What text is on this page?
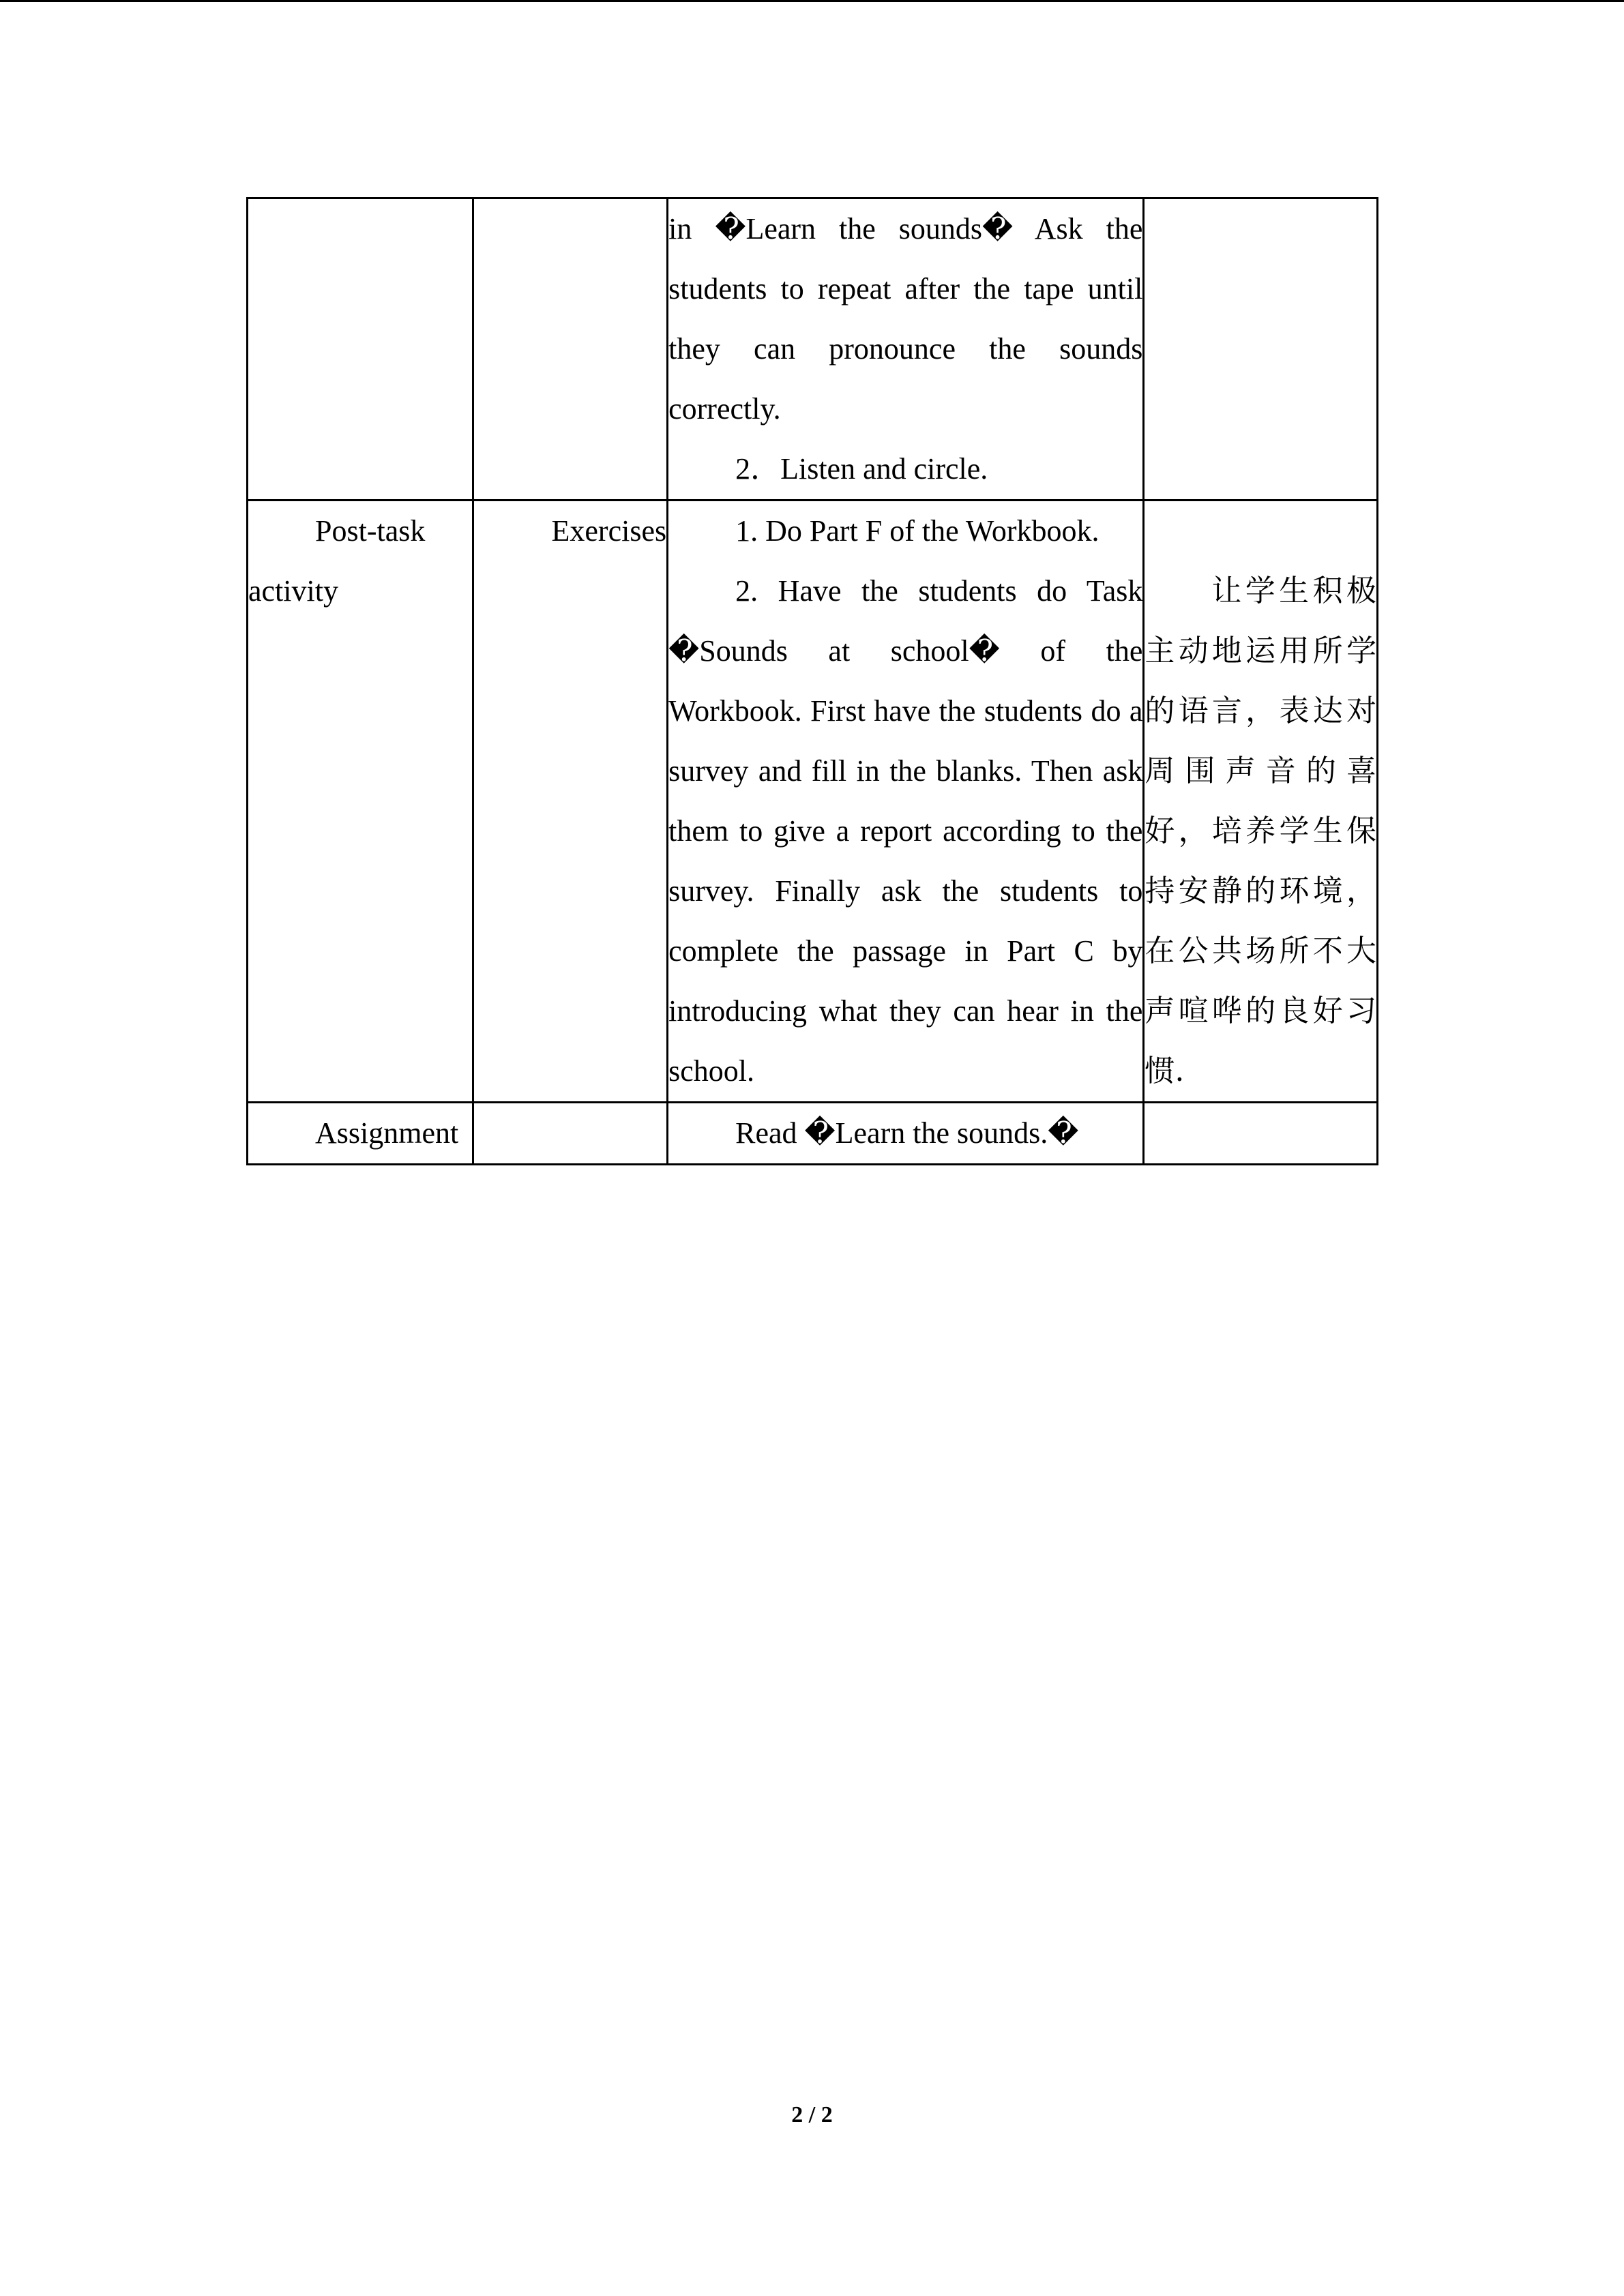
		in �Learn the sounds� Ask the students to repeat after the tape until they can pronounce the sounds correctly.
2．Listen and circle.	

Post-task activity	Exercises	1. Do Part F of the Workbook.
2. Have the students do Task �Sounds at school� of the Workbook. First have the students do a survey and fill in the blanks. Then ask them to give a report according to the survey. Finally ask the students to complete the passage in Part C by introducing what they can hear in the school.	让学生积极主动地运用所学的语言，表达对周围声音的喜好，培养学生保持安静的环境，在公共场所不大声喧哗的良好习惯.

Assignment		Read �Learn the sounds.�	

2 / 2
